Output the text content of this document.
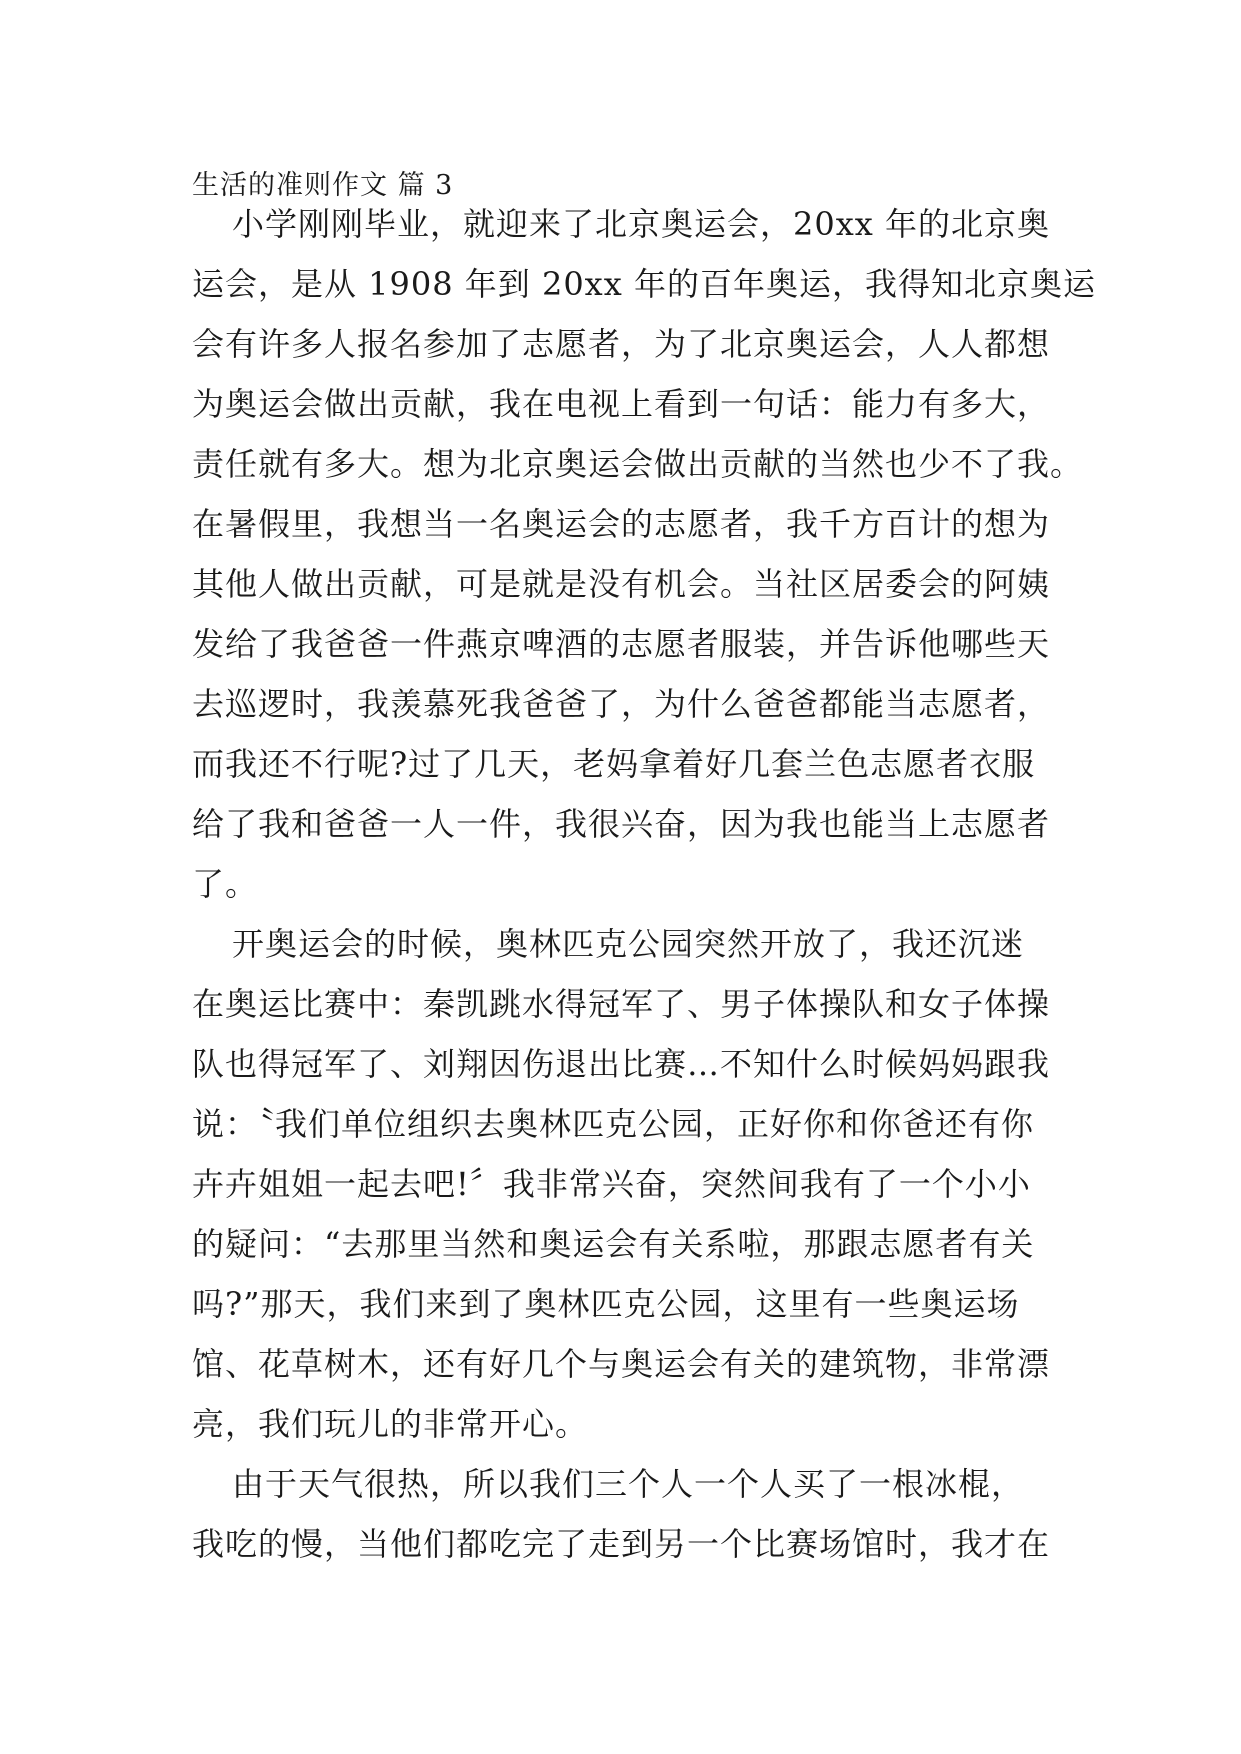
生活的准则作文 篇 3
小学刚刚毕业，就迎来了北京奥运会，20xx 年的北京奥
运会，是从 1908 年到 20xx 年的百年奥运，我得知北京奥运
会有许多人报名参加了志愿者，为了北京奥运会，人人都想
为奥运会做出贡献，我在电视上看到一句话：能力有多大，
责任就有多大。想为北京奥运会做出贡献的当然也少不了我。
在暑假里，我想当一名奥运会的志愿者，我千方百计的想为
其他人做出贡献，可是就是没有机会。当社区居委会的阿姨
发给了我爸爸一件燕京啤酒的志愿者服装，并告诉他哪些天
去巡逻时，我羡慕死我爸爸了，为什么爸爸都能当志愿者，
而我还不行呢?过了几天，老妈拿着好几套兰色志愿者衣服
给了我和爸爸一人一件，我很兴奋，因为我也能当上志愿者
了。
开奥运会的时候，奥林匹克公园突然开放了，我还沉迷
在奥运比赛中：秦凯跳水得冠军了、男子体操队和女子体操
队也得冠军了、刘翔因伤退出比赛…不知什么时候妈妈跟我
说：〝我们单位组织去奥林匹克公园，正好你和你爸还有你
卉卉姐姐一起去吧!〞我非常兴奋，突然间我有了一个小小
的疑问：“去那里当然和奥运会有关系啦，那跟志愿者有关
吗?”那天，我们来到了奥林匹克公园，这里有一些奥运场
馆、花草树木，还有好几个与奥运会有关的建筑物，非常漂
亮，我们玩儿的非常开心。
由于天气很热，所以我们三个人一个人买了一根冰棍，
我吃的慢，当他们都吃完了走到另一个比赛场馆时，我才在
